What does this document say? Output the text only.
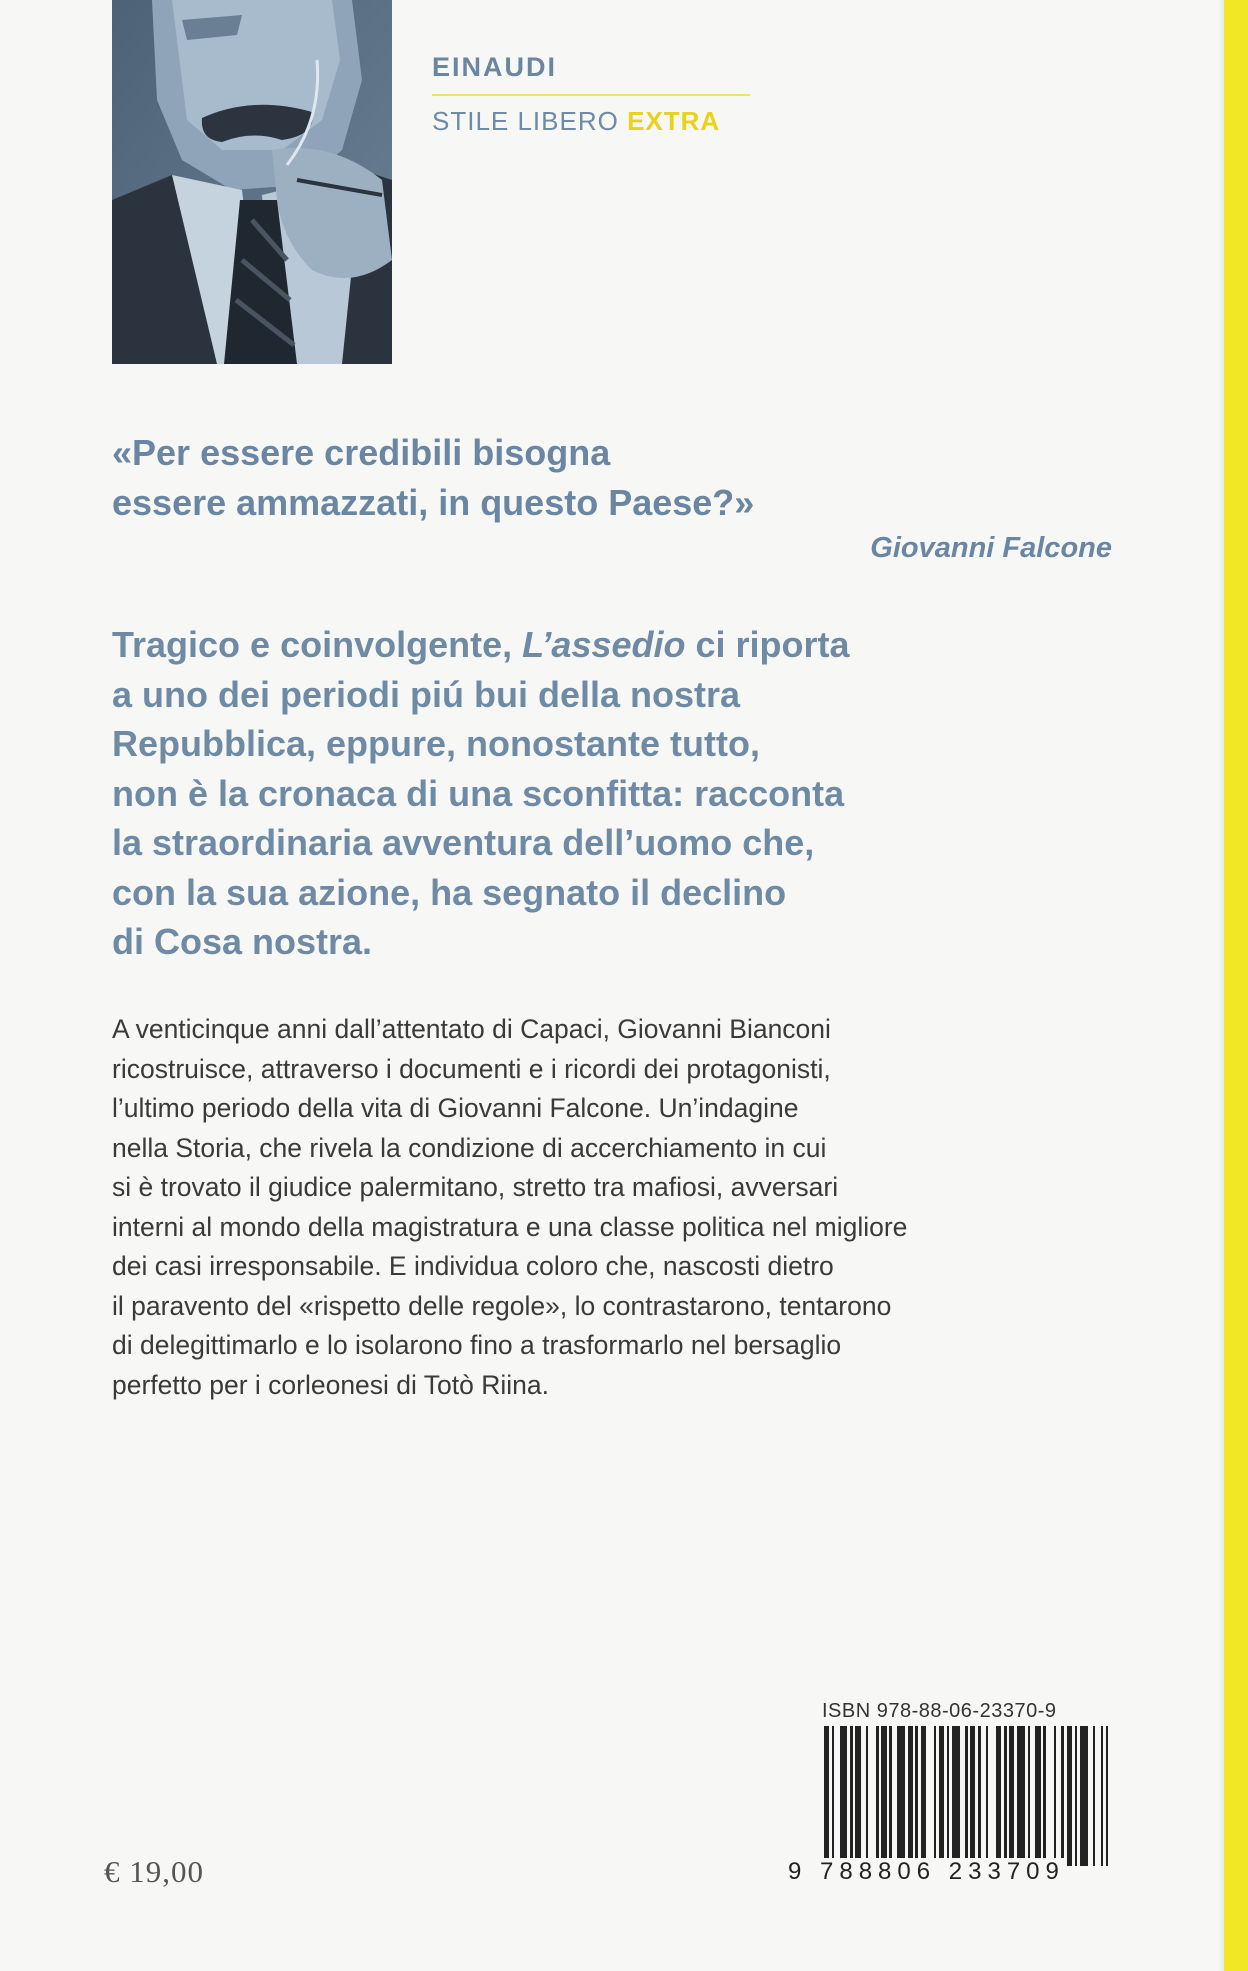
EINAUDI
STILE LIBERO EXTRA
«Per essere credibili bisogna
essere ammazzati, in questo Paese?»
Giovanni Falcone
Tragico e coinvolgente, L’assedio ci riporta
a uno dei periodi piú bui della nostra
Repubblica, eppure, nonostante tutto,
non è la cronaca di una sconfitta: racconta
la straordinaria avventura dell’uomo che,
con la sua azione, ha segnato il declino
di Cosa nostra.
A venticinque anni dall’attentato di Capaci, Giovanni Bianconi
ricostruisce, attraverso i documenti e i ricordi dei protagonisti,
l’ultimo periodo della vita di Giovanni Falcone. Un’indagine
nella Storia, che rivela la condizione di accerchiamento in cui
si è trovato il giudice palermitano, stretto tra mafiosi, avversari
interni al mondo della magistratura e una classe politica nel migliore
dei casi irresponsabile. E individua coloro che, nascosti dietro
il paravento del «rispetto delle regole», lo contrastarono, tentarono
di delegittimarlo e lo isolarono fino a trasformarlo nel bersaglio
perfetto per i corleonesi di Totò Riina.
ISBN 978-88-06-23370-9
9 788806 233709
€ 19,00
